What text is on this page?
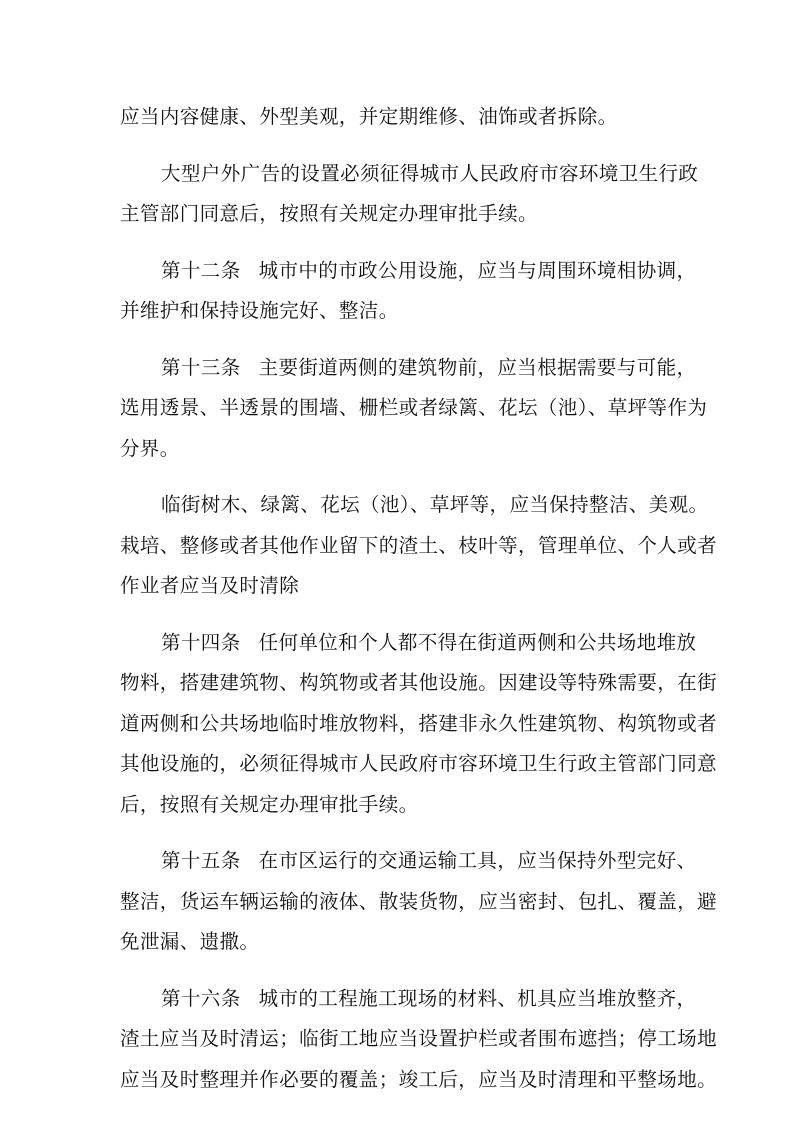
应当内容健康、外型美观，并定期维修、油饰或者拆除。

大型户外广告的设置必须征得城市人民政府市容环境卫生行政
主管部门同意后，按照有关规定办理审批手续。

第十二条 城市中的市政公用设施，应当与周围环境相协调，
并维护和保持设施完好、整洁。

第十三条 主要街道两侧的建筑物前，应当根据需要与可能，
选用透景、半透景的围墙、栅栏或者绿篱、花坛（池）、草坪等作为
分界。

临街树木、绿篱、花坛（池）、草坪等，应当保持整洁、美观。
栽培、整修或者其他作业留下的渣土、枝叶等，管理单位、个人或者
作业者应当及时清除

第十四条 任何单位和个人都不得在街道两侧和公共场地堆放
物料，搭建建筑物、构筑物或者其他设施。因建设等特殊需要，在街
道两侧和公共场地临时堆放物料，搭建非永久性建筑物、构筑物或者
其他设施的，必须征得城市人民政府市容环境卫生行政主管部门同意
后，按照有关规定办理审批手续。

第十五条 在市区运行的交通运输工具，应当保持外型完好、
整洁，货运车辆运输的液体、散装货物，应当密封、包扎、覆盖，避
免泄漏、遗撒。

第十六条 城市的工程施工现场的材料、机具应当堆放整齐，
渣土应当及时清运；临街工地应当设置护栏或者围布遮挡；停工场地
应当及时整理并作必要的覆盖；竣工后，应当及时清理和平整场地。
